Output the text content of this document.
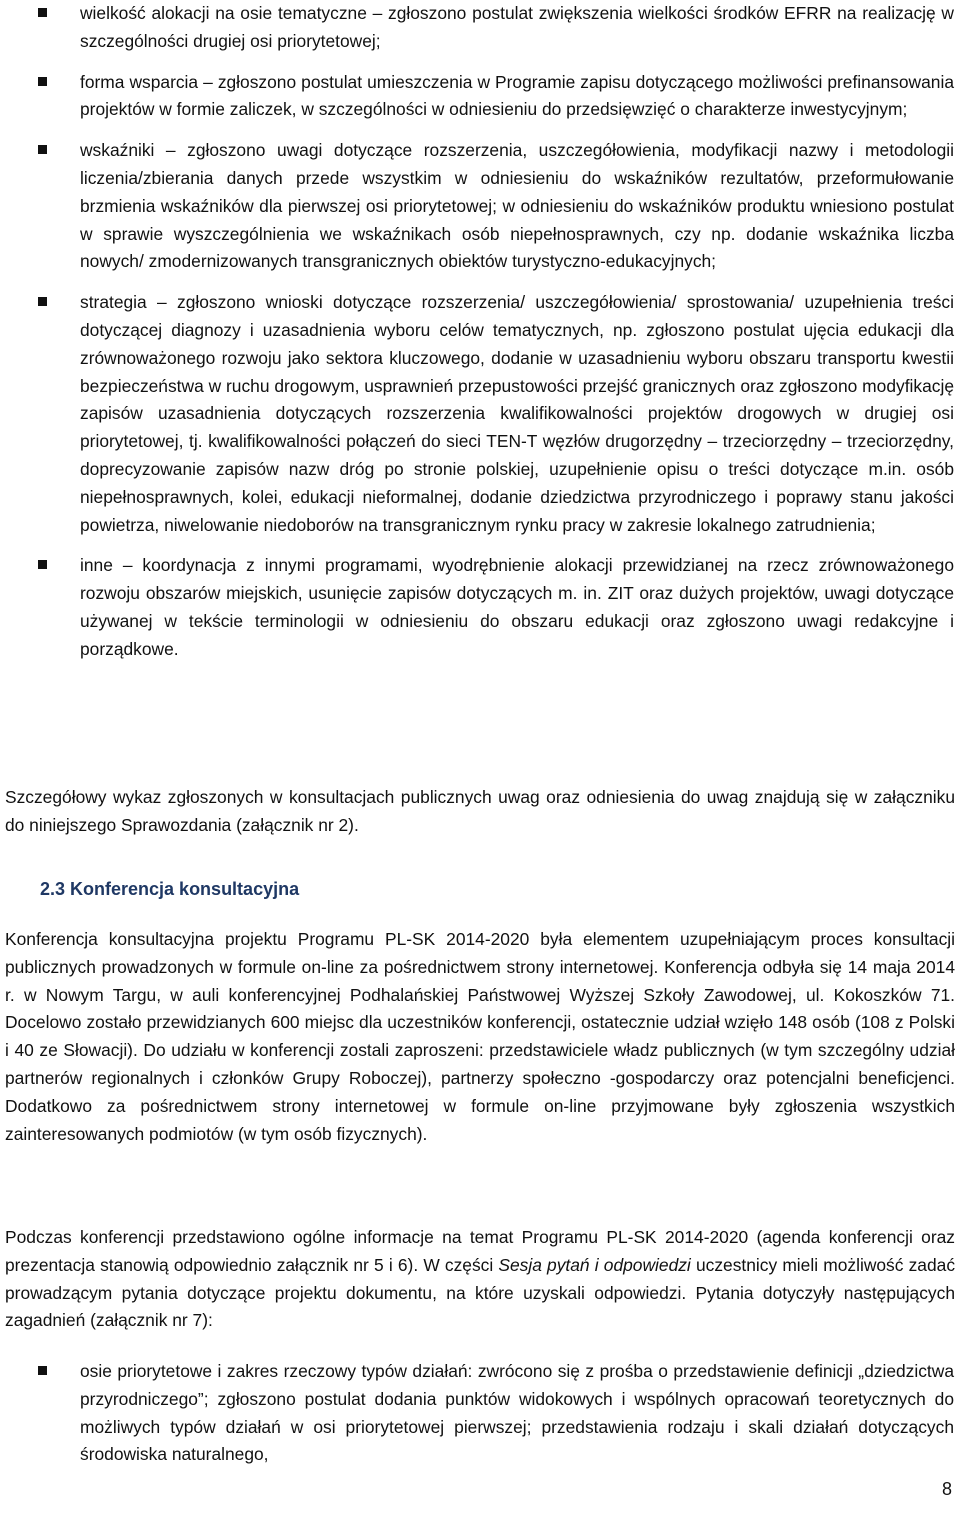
wielkość alokacji na osie tematyczne – zgłoszono postulat zwiększenia wielkości środków EFRR na realizację w szczególności drugiej osi priorytetowej;
forma wsparcia – zgłoszono postulat umieszczenia w Programie zapisu dotyczącego możliwości prefinansowania projektów w formie zaliczek, w szczególności w odniesieniu do przedsięwzięć o charakterze inwestycyjnym;
wskaźniki – zgłoszono uwagi dotyczące rozszerzenia, uszczegółowienia, modyfikacji nazwy i metodologii liczenia/zbierania danych przede wszystkim w odniesieniu do wskaźników rezultatów, przeformułowanie brzmienia wskaźników dla pierwszej osi priorytetowej; w odniesieniu do wskaźników produktu wniesiono postulat w sprawie wyszczególnienia we wskaźnikach osób niepełnosprawnych, czy np. dodanie wskaźnika liczba nowych/ zmodernizowanych transgranicznych obiektów turystyczno-edukacyjnych;
strategia – zgłoszono wnioski dotyczące rozszerzenia/ uszczegółowienia/ sprostowania/ uzupełnienia treści dotyczącej diagnozy i uzasadnienia wyboru celów tematycznych, np. zgłoszono postulat ujęcia edukacji dla zrównoważonego rozwoju jako sektora kluczowego, dodanie w uzasadnieniu wyboru obszaru transportu kwestii bezpieczeństwa w ruchu drogowym, usprawnień przepustowości przejść granicznych oraz zgłoszono modyfikację zapisów uzasadnienia dotyczących rozszerzenia kwalifikowalności projektów drogowych w drugiej osi priorytetowej, tj. kwalifikowalności połączeń do sieci TEN-T węzłów drugorzędny – trzeciorzędny – trzeciorzędny, doprecyzowanie zapisów nazw dróg po stronie polskiej, uzupełnienie opisu o treści dotyczące m.in. osób niepełnosprawnych, kolei, edukacji nieformalnej, dodanie dziedzictwa przyrodniczego i poprawy stanu jakości powietrza, niwelowanie niedoborów na transgranicznym rynku pracy w zakresie lokalnego zatrudnienia;
inne – koordynacja z innymi programami, wyodrębnienie alokacji przewidzianej na rzecz zrównoważonego rozwoju obszarów miejskich, usunięcie zapisów dotyczących m. in. ZIT oraz dużych projektów, uwagi dotyczące używanej w tekście terminologii w odniesieniu do obszaru edukacji oraz zgłoszono uwagi redakcyjne i porządkowe.

Szczegółowy wykaz zgłoszonych w konsultacjach publicznych uwag oraz odniesienia do uwag znajdują się w załączniku do niniejszego Sprawozdania (załącznik nr 2).

2.3 Konferencja konsultacyjna

Konferencja konsultacyjna projektu Programu PL-SK 2014-2020 była elementem uzupełniającym proces konsultacji publicznych prowadzonych w formule on-line za pośrednictwem strony internetowej. Konferencja odbyła się 14 maja 2014 r. w Nowym Targu, w auli konferencyjnej Podhalańskiej Państwowej Wyższej Szkoły Zawodowej, ul. Kokoszków 71. Docelowo zostało przewidzianych 600 miejsc dla uczestników konferencji, ostatecznie udział wzięło 148 osób (108 z Polski i 40 ze Słowacji). Do udziału w konferencji zostali zaproszeni: przedstawiciele władz publicznych (w tym szczególny udział partnerów regionalnych i członków Grupy Roboczej), partnerzy społeczno -gospodarczy oraz potencjalni beneficjenci. Dodatkowo za pośrednictwem strony internetowej w formule on-line przyjmowane były zgłoszenia wszystkich zainteresowanych podmiotów (w tym osób fizycznych).

Podczas konferencji przedstawiono ogólne informacje na temat Programu PL-SK 2014-2020 (agenda konferencji oraz prezentacja stanowią odpowiednio załącznik nr 5 i 6). W części Sesja pytań i odpowiedzi uczestnicy mieli możliwość zadać prowadzącym pytania dotyczące projektu dokumentu, na które uzyskali odpowiedzi. Pytania dotyczyły następujących zagadnień (załącznik nr 7):

osie priorytetowe i zakres rzeczowy typów działań: zwrócono się z prośba o przedstawienie definicji „dziedzictwa przyrodniczego”; zgłoszono postulat dodania punktów widokowych i wspólnych opracowań teoretycznych do możliwych typów działań w osi priorytetowej pierwszej; przedstawienia rodzaju i skali działań dotyczących środowiska naturalnego,

8
